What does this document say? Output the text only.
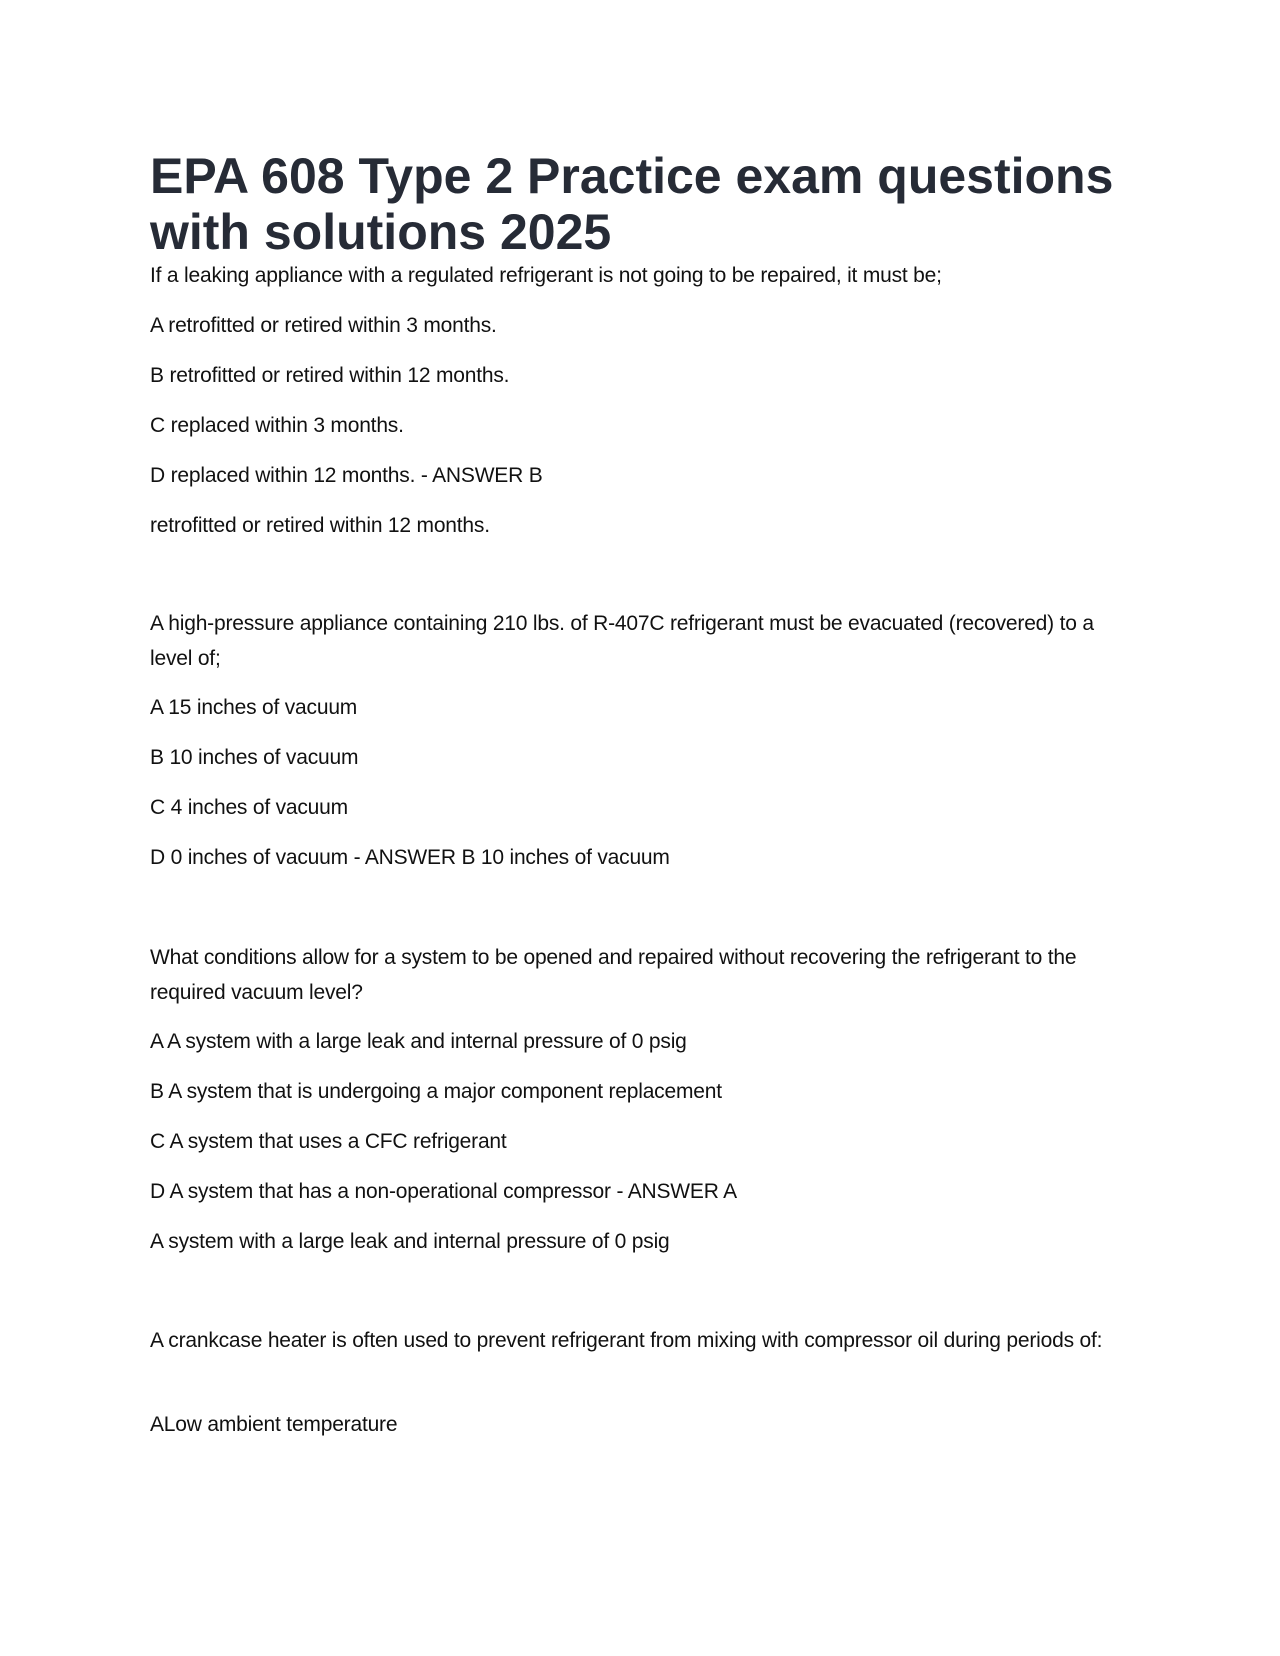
EPA 608 Type 2 Practice exam questions with solutions 2025

If a leaking appliance with a regulated refrigerant is not going to be repaired, it must be;

A retrofitted or retired within 3 months.

B retrofitted or retired within 12 months.

C replaced within 3 months.

D replaced within 12 months. - ANSWER B

retrofitted or retired within 12 months.

A high-pressure appliance containing 210 lbs. of R-407C refrigerant must be evacuated (recovered) to a level of;

A 15 inches of vacuum

B 10 inches of vacuum

C 4 inches of vacuum

D 0 inches of vacuum - ANSWER B 10 inches of vacuum

What conditions allow for a system to be opened and repaired without recovering the refrigerant to the required vacuum level?

A A system with a large leak and internal pressure of 0 psig

B A system that is undergoing a major component replacement

C A system that uses a CFC refrigerant

D A system that has a non-operational compressor - ANSWER A

A system with a large leak and internal pressure of 0 psig

A crankcase heater is often used to prevent refrigerant from mixing with compressor oil during periods of:

ALow ambient temperature
